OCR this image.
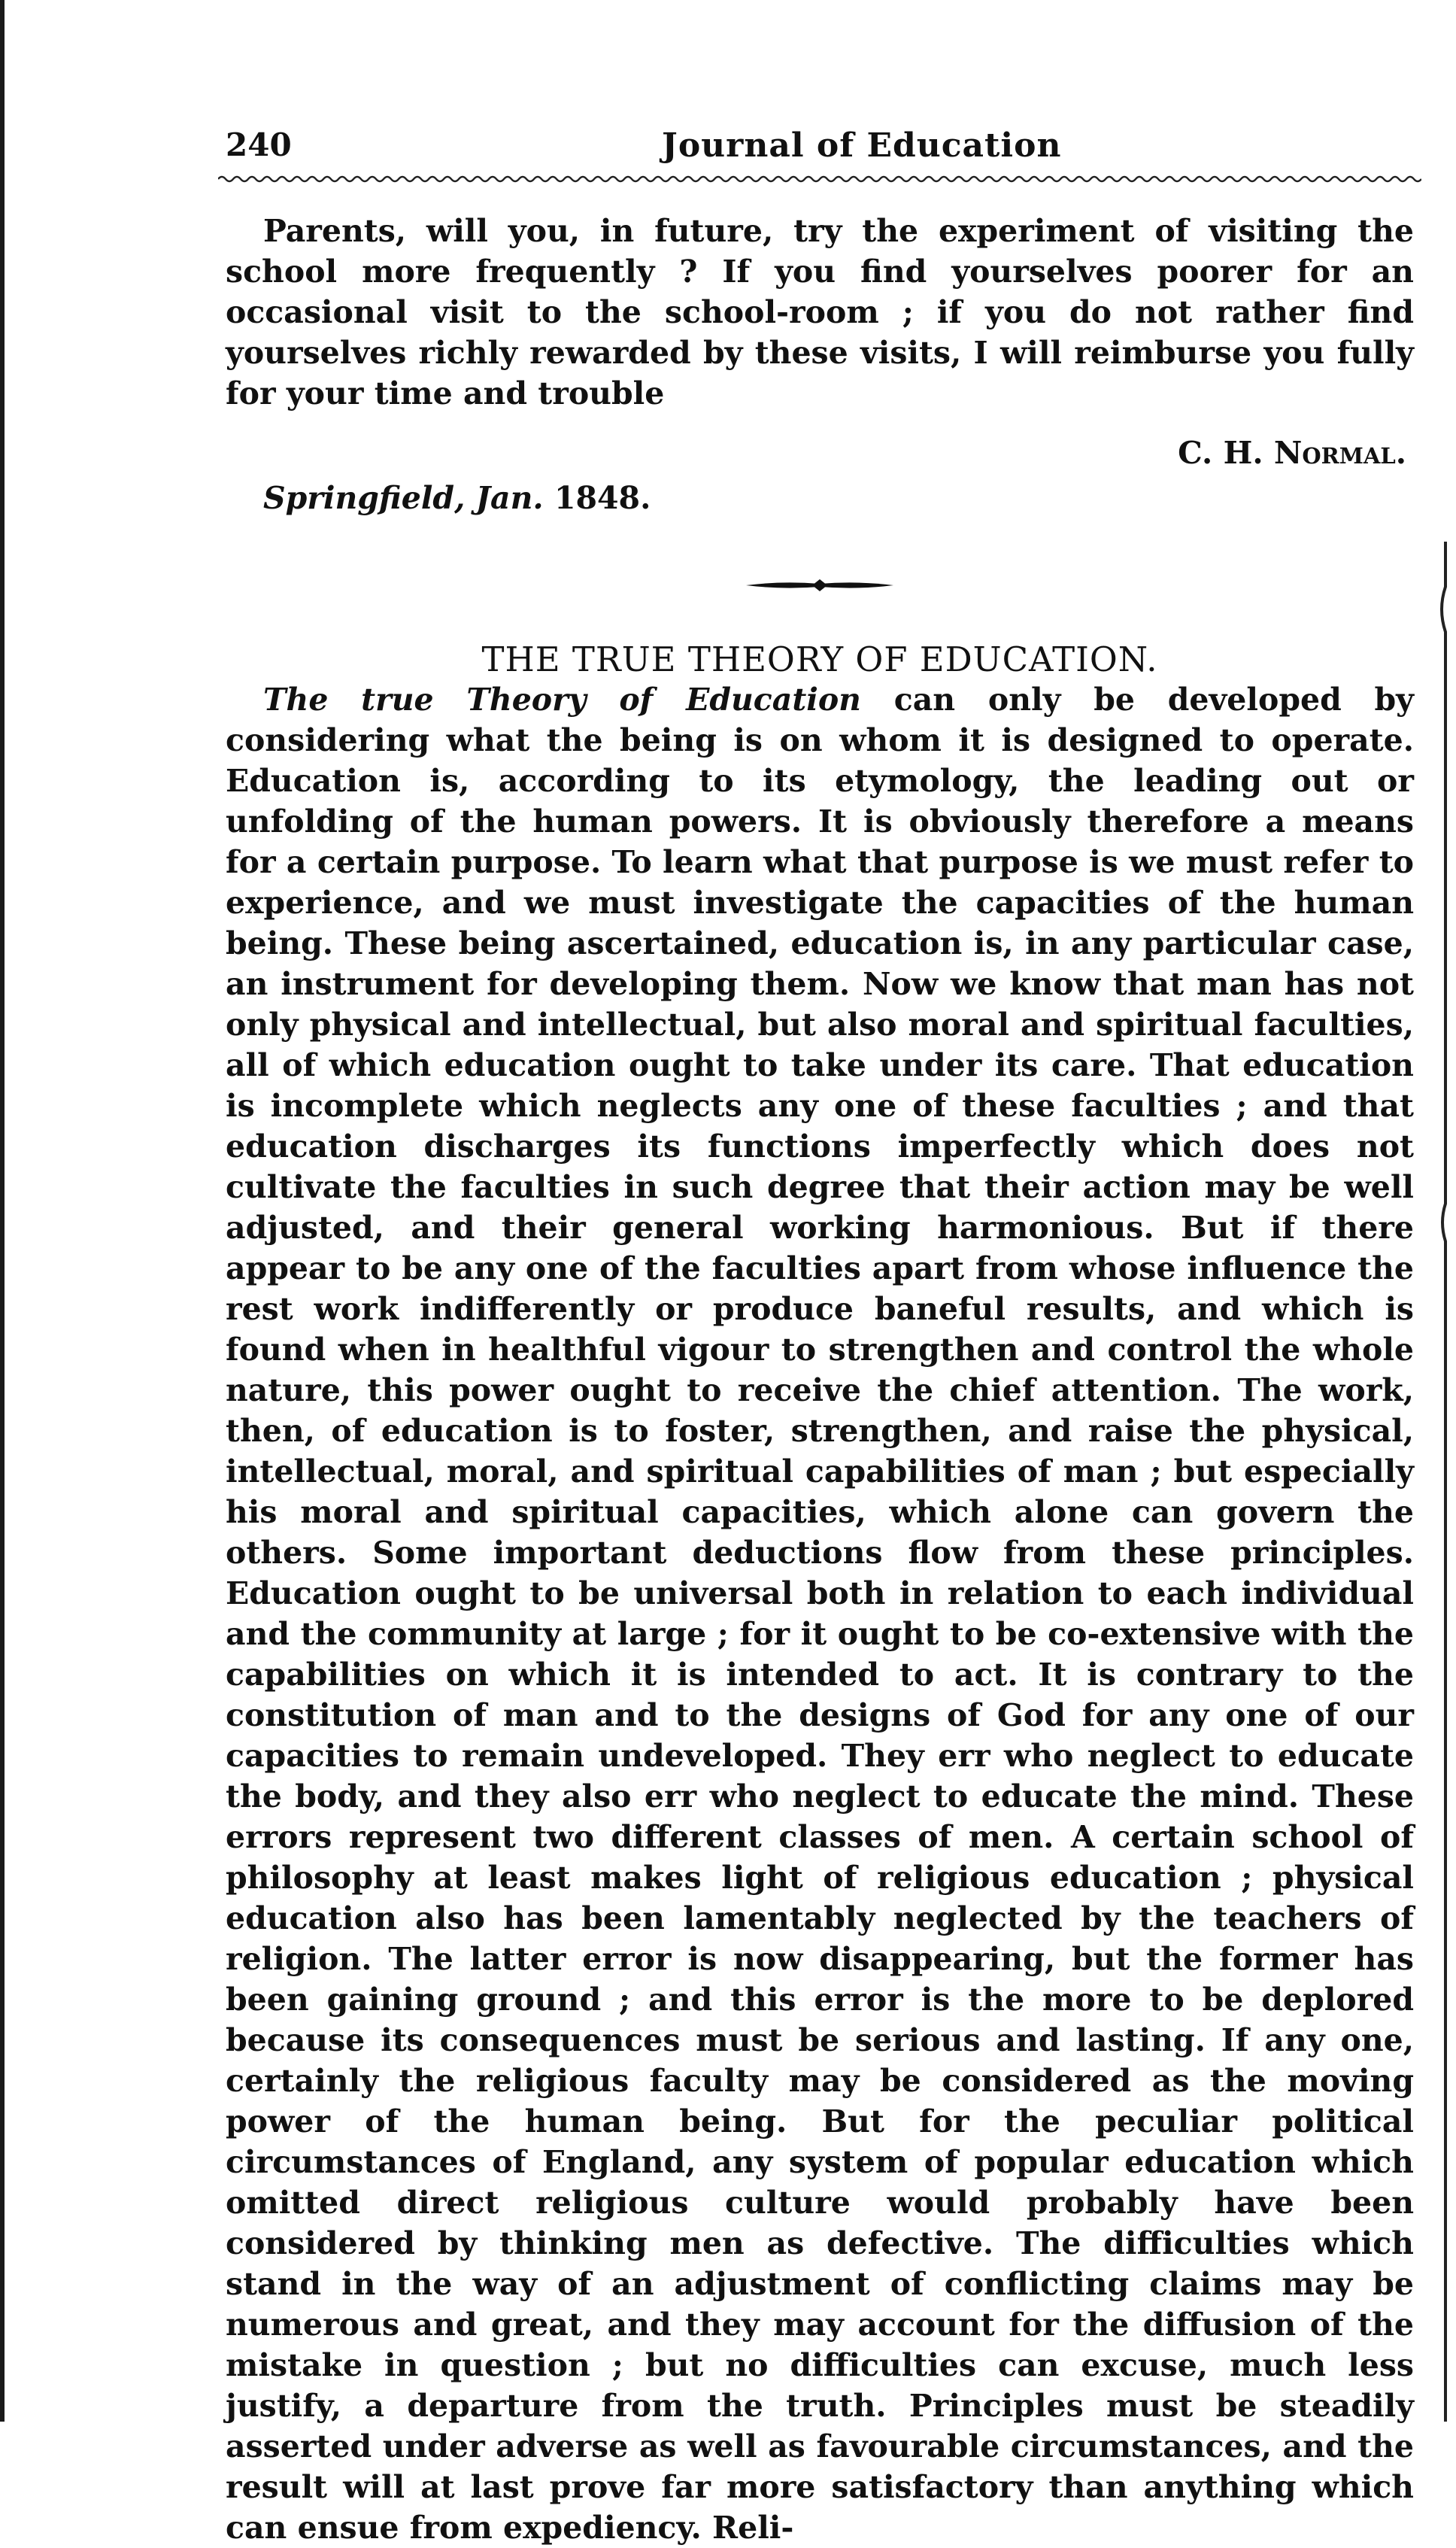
240	Journal of Education

Parents, will you, in future, try the experiment of visiting the school more frequently ? If you find yourselves poorer for an occasional visit to the school-room ; if you do not rather find yourselves richly rewarded by these visits, I will reimburse you fully for your time and trouble

C. H. Normal.
Springfield, Jan. 1848.
THE TRUE THEORY OF EDUCATION.

The true Theory of Education can only be developed by considering what the being is on whom it is designed to operate. Education is, according to its etymology, the leading out or unfolding of the human powers. It is obviously therefore a means for a certain purpose. To learn what that purpose is we must refer to experience, and we must investigate the capacities of the human being. These being ascertained, education is, in any particular case, an instrument for developing them. Now we know that man has not only physical and intellectual, but also moral and spiritual faculties, all of which education ought to take under its care. That education is incomplete which neglects any one of these faculties ; and that education discharges its functions imperfectly which does not cultivate the faculties in such degree that their action may be well adjusted, and their general working harmonious. But if there appear to be any one of the faculties apart from whose influence the rest work indifferently or produce baneful results, and which is found when in healthful vigour to strengthen and control the whole nature, this power ought to receive the chief attention. The work, then, of education is to foster, strengthen, and raise the physical, intellectual, moral, and spiritual capabilities of man ; but especially his moral and spiritual capacities, which alone can govern the others. Some important deductions flow from these principles. Education ought to be universal both in relation to each individual and the community at large ; for it ought to be co-extensive with the capabilities on which it is intended to act. It is contrary to the constitution of man and to the designs of God for any one of our capacities to remain undeveloped. They err who neglect to educate the body, and they also err who neglect to educate the mind. These errors represent two different classes of men. A certain school of philosophy at least makes light of religious education ; physical education also has been lamentably neglected by the teachers of religion. The latter error is now disappearing, but the former has been gaining ground ; and this error is the more to be deplored because its consequences must be serious and lasting. If any one, certainly the religious faculty may be considered as the moving power of the human being. But for the peculiar political circumstances of England, any system of popular education which omitted direct religious culture would probably have been considered by thinking men as defective. The difficulties which stand in the way of an adjustment of conflicting claims may be numerous and great, and they may account for the diffusion of the mistake in question ; but no difficulties can excuse, much less justify, a departure from the truth. Principles must be steadily asserted under adverse as well as favourable circumstances, and the result will at last prove far more satisfactory than anything which can ensue from expediency. Reli-
